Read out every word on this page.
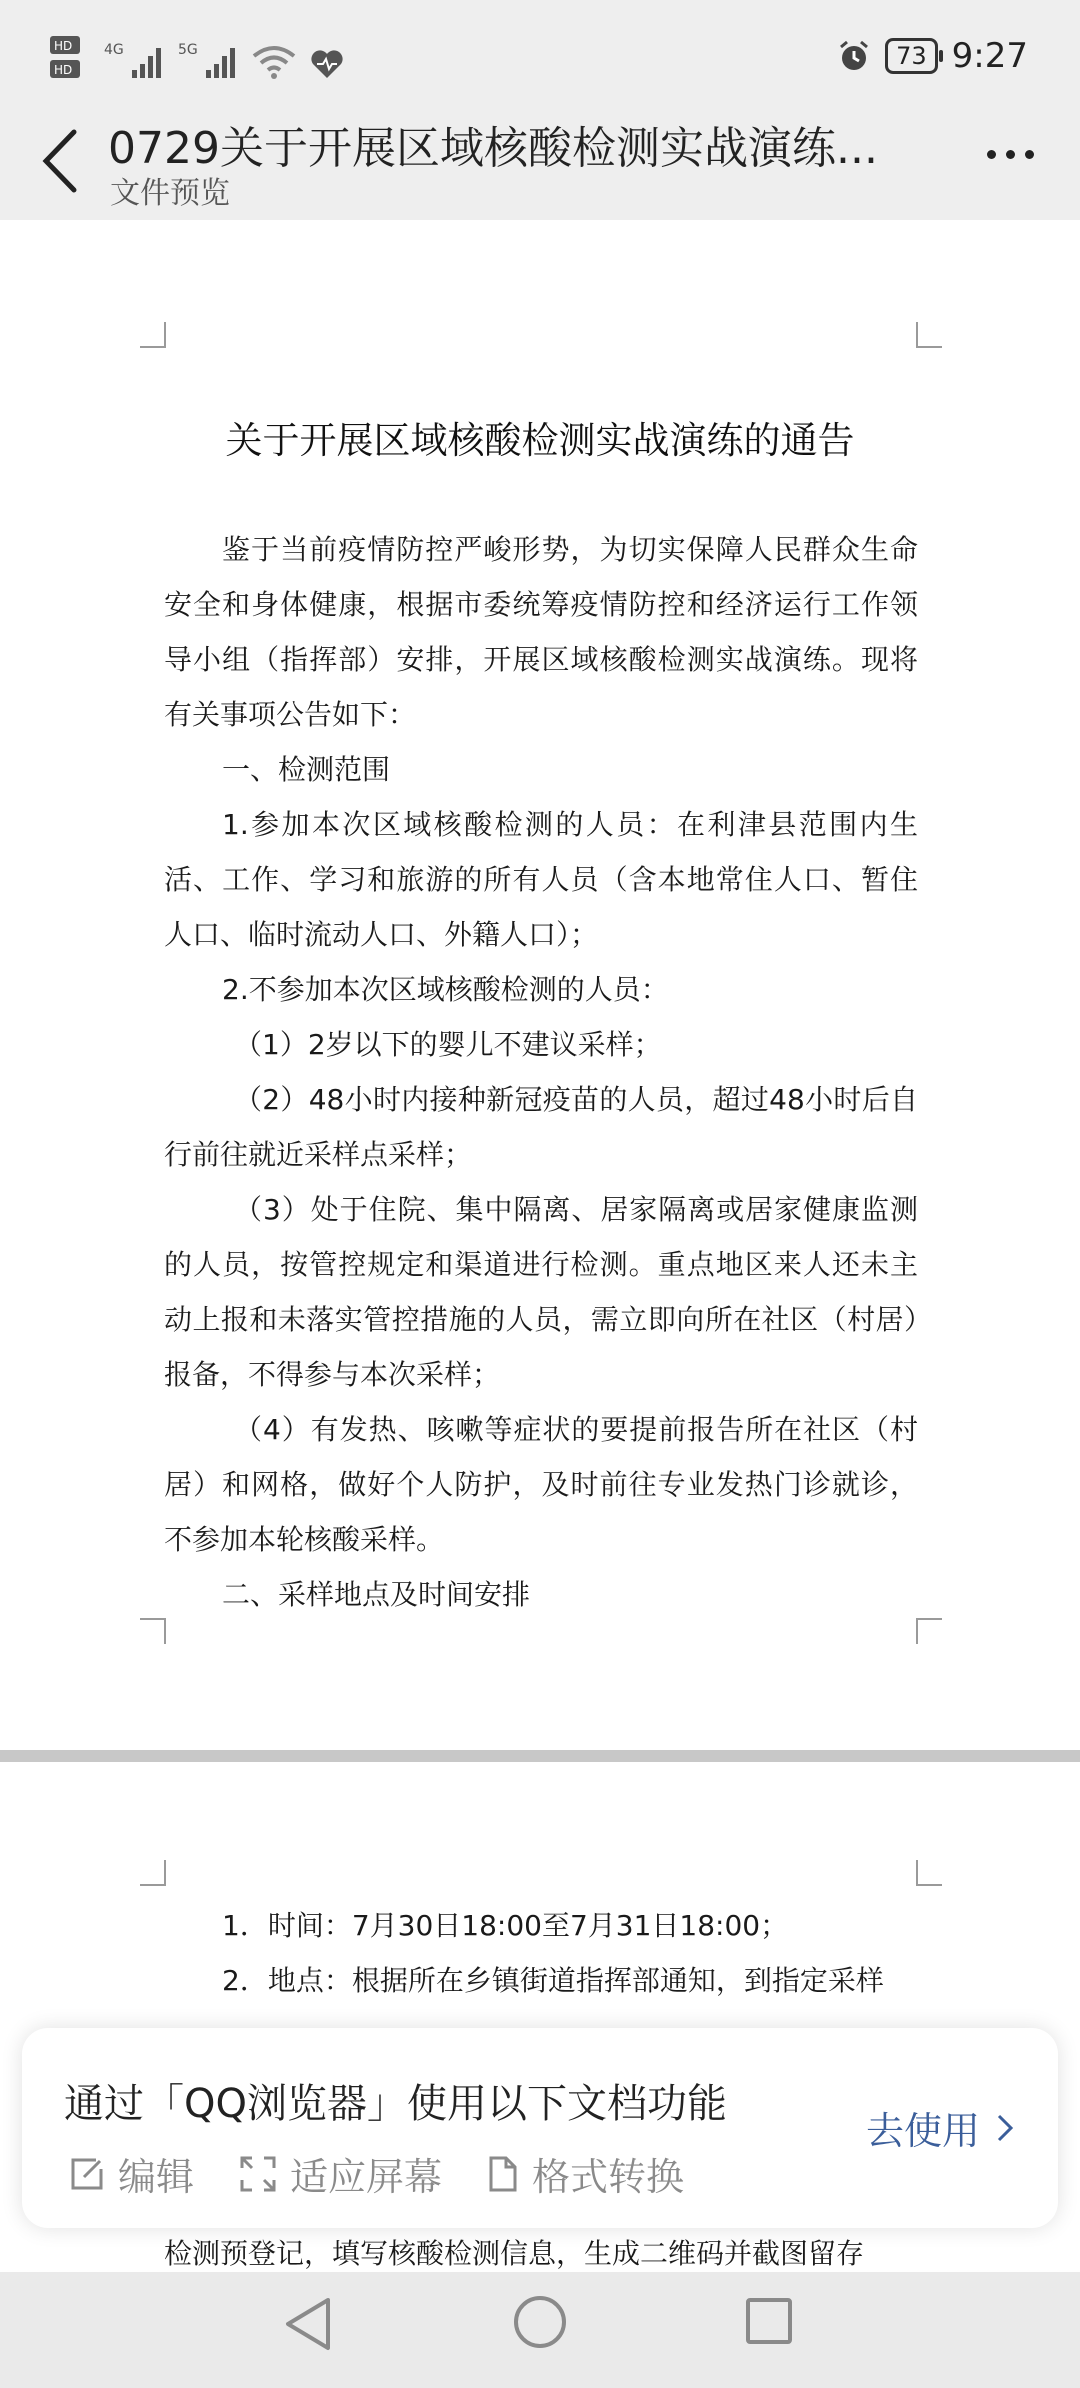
HD
HD
4G	5G	73 9:27
0729关于开展区域核酸检测实战演练...
文件预览
关于开展区域核酸检测实战演练的通告

鉴于当前疫情防控严峻形势，为切实保障人民群众生命安全和身体健康，根据市委统筹疫情防控和经济运行工作领导小组（指挥部）安排，开展区域核酸检测实战演练。现将有关事项公告如下：

一、检测范围

1.参加本次区域核酸检测的人员：在利津县范围内生活、工作、学习和旅游的所有人员（含本地常住人口、暂住人口、临时流动人口、外籍人口）；

2.不参加本次区域核酸检测的人员：

（1）2岁以下的婴儿不建议采样；

（2）48小时内接种新冠疫苗的人员，超过48小时后自行前往就近采样点采样；

（3）处于住院、集中隔离、居家隔离或居家健康监测的人员，按管控规定和渠道进行检测。重点地区来人还未主动上报和未落实管控措施的人员，需立即向所在社区（村居）报备，不得参与本次采样；

（4）有发热、咳嗽等症状的要提前报告所在社区（村居）和网格，做好个人防护，及时前往专业发热门诊就诊，不参加本轮核酸采样。

二、采样地点及时间安排

1．时间：7月30日18:00至7月31日18:00；

2．地点：根据所在乡镇街道指挥部通知，到指定采样

检测预登记，填写核酸检测信息，生成二维码并截图留存
通过「QQ浏览器」使用以下文档功能
编辑	适应屏幕 格式转换
去使用
